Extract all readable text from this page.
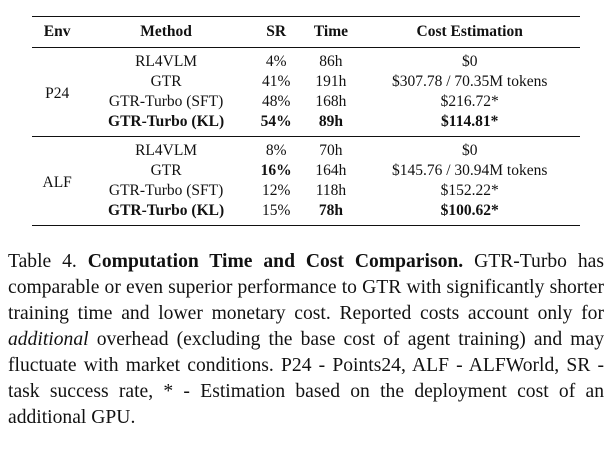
Env	Method	SR	Time	Cost Estimation
P24	RL4VLM	4%	86h	$0
	GTR	41%	191h	$307.78 / 70.35M tokens
	GTR-Turbo (SFT)	48%	168h	$216.72*
	GTR-Turbo (KL)	54%	89h	$114.81*
ALF	RL4VLM	8%	70h	$0
	GTR	16%	164h	$145.76 / 30.94M tokens
	GTR-Turbo (SFT)	12%	118h	$152.22*
	GTR-Turbo (KL)	15%	78h	$100.62*

Table 4. Computation Time and Cost Comparison. GTR-Turbo has comparable or even superior performance to GTR with significantly shorter training time and lower monetary cost. Reported costs account only for additional overhead (excluding the base cost of agent training) and may fluctuate with market conditions. P24 - Points24, ALF - ALFWorld, SR - task success rate, * - Estimation based on the deployment cost of an additional GPU.
